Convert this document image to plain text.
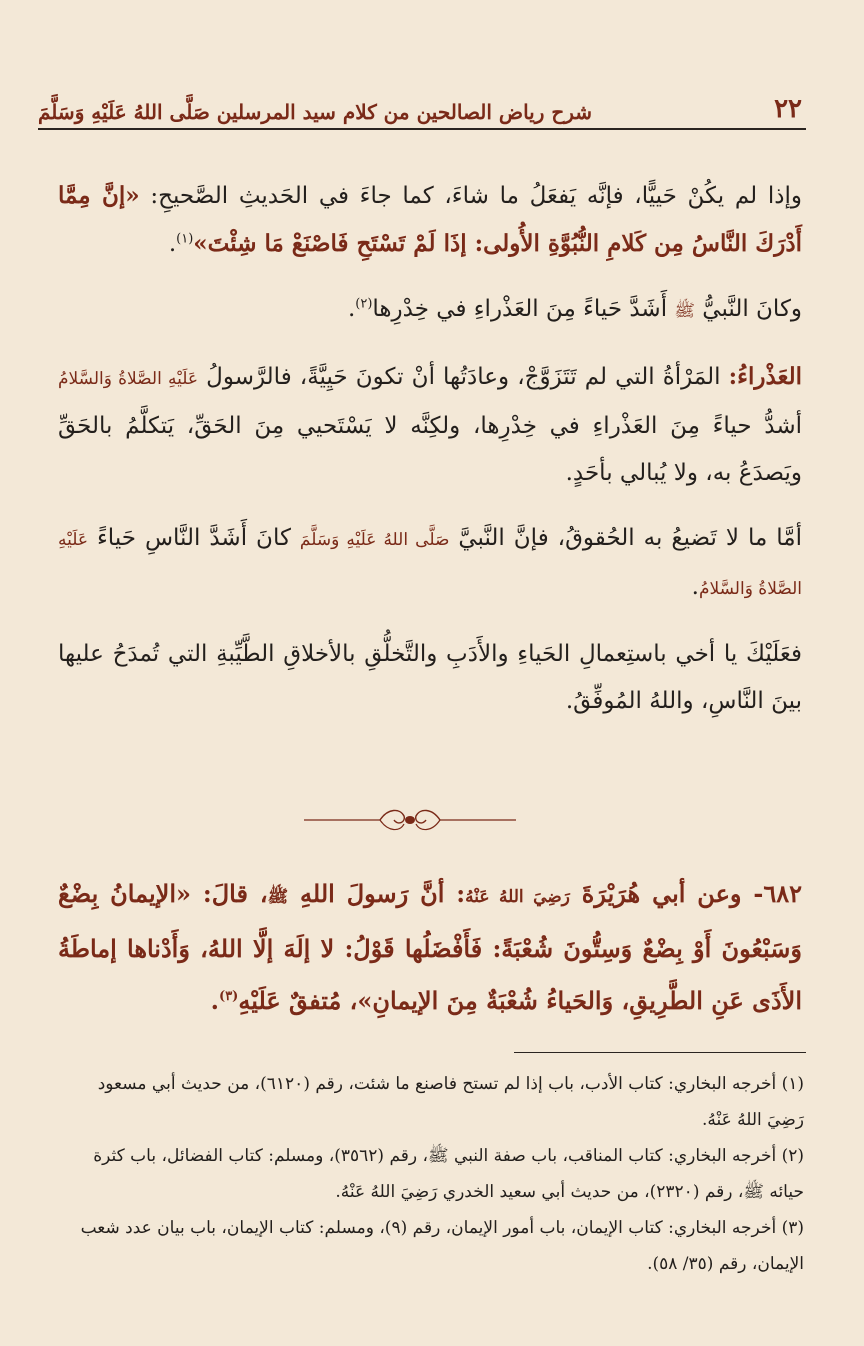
٢٢
شرح رياض الصالحين من كلام سيد المرسلين صَلَّى اللهُ عَلَيْهِ وَسَلَّمَ

وإذا لم يكُنْ حَييًّا، فإنَّه يَفعَلُ ما شاءَ، كما جاءَ في الحَديثِ الصَّحيحِ: «إنَّ مِمَّا أَدْرَكَ النَّاسُ مِن كَلامِ النُّبُوَّةِ الأُولى: إذَا لَمْ تَسْتَحِ فَاصْنَعْ مَا شِئْتَ»$^{(١)}$.

وكانَ النَّبيُّ ﷺ أَشَدَّ حَياءً مِنَ العَذْراءِ في خِدْرِها$^{(٢)}$.

العَذْراءُ: المَرْأةُ التي لم تَتَزَوَّجْ، وعادَتُها أنْ تكونَ حَيِيَّةً، فالرَّسولُ عَلَيْهِ الصَّلاةُ وَالسَّلامُ أشدُّ حياءً مِنَ العَذْراءِ في خِدْرِها، ولكِنَّه لا يَسْتَحيي مِنَ الحَقِّ، يَتكلَّمُ بالحَقِّ ويَصدَعُ به، ولا يُبالي بأحَدٍ.

أمَّا ما لا تَضيعُ به الحُقوقُ، فإنَّ النَّبيَّ صَلَّى اللهُ عَلَيْهِ وَسَلَّمَ كانَ أَشَدَّ النَّاسِ حَياءً عَلَيْهِ الصَّلاةُ وَالسَّلامُ.

فعَلَيْكَ يا أخي باستِعمالِ الحَياءِ والأَدَبِ والتَّخلُّقِ بالأخلاقِ الطَّيِّبةِ التي تُمدَحُ عليها بينَ النَّاسِ، واللهُ المُوفِّقُ.

٦٨٢- وعن أبي هُرَيْرَةَ رَضِيَ اللهُ عَنْهُ: أنَّ رَسولَ اللهِ ﷺ، قالَ: «الإيمانُ بِضْعٌ وَسَبْعُونَ أَوْ بِضْعٌ وَسِتُّونَ شُعْبَةً: فَأَفْضَلُها قَوْلُ: لا إلَهَ إلَّا اللهُ، وَأَدْناها إماطَةُ الأَذَى عَنِ الطَّرِيقِ، وَالحَياءُ شُعْبَةٌ مِنَ الإيمانِ»، مُتفقٌ عَلَيْهِ$^{(٣)}$.

(١) أخرجه البخاري: كتاب الأدب، باب إذا لم تستح فاصنع ما شئت، رقم (٦١٢٠)، من حديث أبي مسعود رَضِيَ اللهُ عَنْهُ.

(٢) أخرجه البخاري: كتاب المناقب، باب صفة النبي ﷺ، رقم (٣٥٦٢)، ومسلم: كتاب الفضائل، باب كثرة حيائه ﷺ، رقم (٢٣٢٠)، من حديث أبي سعيد الخدري رَضِيَ اللهُ عَنْهُ.

(٣) أخرجه البخاري: كتاب الإيمان، باب أمور الإيمان، رقم (٩)، ومسلم: كتاب الإيمان، باب بيان عدد شعب الإيمان، رقم (٣٥/ ٥٨).
